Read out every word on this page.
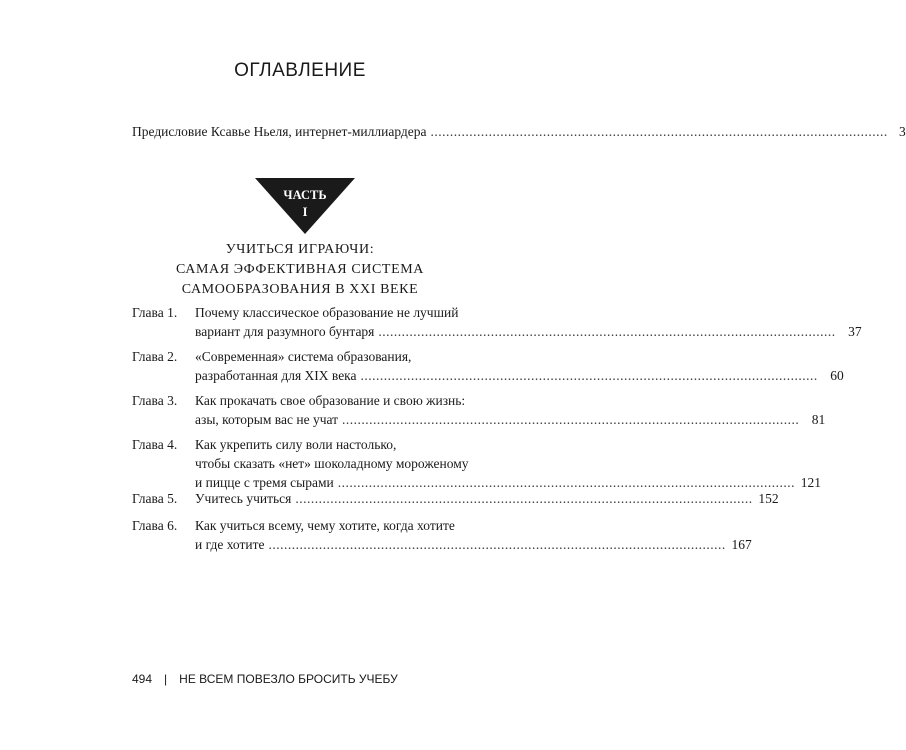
ОГЛАВЛЕНИЕ
Предисловие Ксавье Ньеля, интернет-миллиардера .....	3
ЧАСТЬ
I
УЧИТЬСЯ ИГРАЮЧИ:
САМАЯ ЭФФЕКТИВНАЯ СИСТЕМА
САМООБРАЗОВАНИЯ В XXI ВЕКЕ
Глава 1.	Почему классическое образование не лучший
вариант для разумного бунтаря .....	37
Глава 2.	«Современная» система образования,
разработанная для XIX века .....	60
Глава 3.	Как прокачать свое образование и свою жизнь:
азы, которым вас не учат .....	81
Глава 4.	Как укрепить силу воли настолько,
чтобы сказать «нет» шоколадному мороженому
и пицце с тремя сырами .....	121
Глава 5.	Учитесь учиться .....	152
Глава 6.	Как учиться всему, чему хотите, когда хотите
и где хотите .....	167
494 | НЕ ВСЕМ ПОВЕЗЛО БРОСИТЬ УЧЕБУ
